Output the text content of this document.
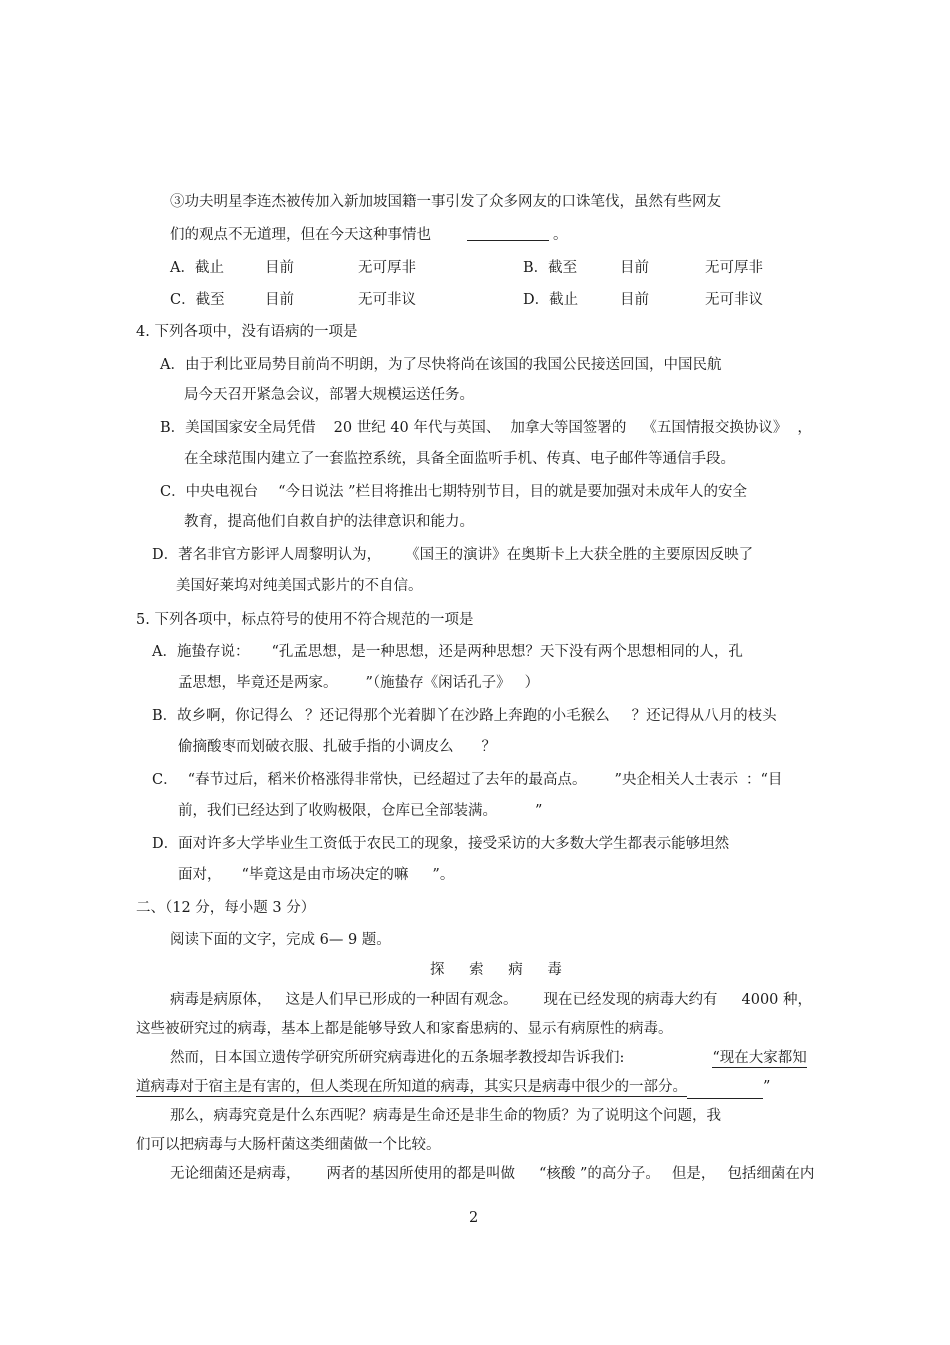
③功夫明星李连杰被传加入新加坡国籍一事引发了众多网友的口诛笔伐，虽然有些网友
们的观点不无道理，但在今天这种事情也	。
A．截止	目前	无可厚非	B．截至	目前	无可厚非
C．截至	目前	无可非议	D．截止	目前	无可非议
4. 下列各项中，没有语病的一项是
A．由于利比亚局势目前尚不明朗，为了尽快将尚在该国的我国公民接送回国，中国民航
局今天召开紧急会议，部署大规模运送任务。
B．美国国家安全局凭借 20 世纪 40 年代与英国、 加拿大等国签署的 《五国情报交换协议》 ，
在全球范围内建立了一套监控系统，具备全面监听手机、传真、电子邮件等通信手段。
C．中央电视台 “今日说法 ”栏目将推出七期特别节目，目的就是要加强对未成年人的安全
教育，提高他们自救自护的法律意识和能力。
D．著名非官方影评人周黎明认为， 《国王的演讲》在奥斯卡上大获全胜的主要原因反映了
美国好莱坞对纯美国式影片的不自信。
5. 下列各项中，标点符号的使用不符合规范的一项是
A．施蛰存说： “孔孟思想，是一种思想，还是两种思想？天下没有两个思想相同的人，孔
孟思想，毕竟还是两家。 ”（施蛰存《闲话孔子》 ）
B．故乡啊，你记得么 ？还记得那个光着脚丫在沙路上奔跑的小毛猴么 ？还记得从八月的枝头
偷摘酸枣而划破衣服、扎破手指的小调皮么 ？
C． “春节过后，稻米价格涨得非常快，已经超过了去年的最高点。 ”央企相关人士表示 ：“目
前，我们已经达到了收购极限，仓库已全部装满。	”
D．面对许多大学毕业生工资低于农民工的现象，接受采访的大多数大学生都表示能够坦然
面对， “毕竟这是由市场决定的嘛 ”。
二、（12 分，每小题 3 分）
阅读下面的文字，完成 6— 9 题。
探 索 病 毒
病毒是病原体， 这是人们早已形成的一种固有观念。 现在已经发现的病毒大约有 4000 种，
这些被研究过的病毒，基本上都是能够导致人和家畜患病的、显示有病原性的病毒。
然而，日本国立遗传学研究所研究病毒进化的五条堀孝教授却告诉我们:	“现在大家都知
道病毒对于宿主是有害的，但人类现在所知道的病毒，其实只是病毒中很少的一部分。	”
那么，病毒究竟是什么东西呢？病毒是生命还是非生命的物质？为了说明这个问题，我
们可以把病毒与大肠杆菌这类细菌做一个比较。
无论细菌还是病毒， 两者的基因所使用的都是叫做 “核酸 ”的高分子。 但是， 包括细菌在内
2
